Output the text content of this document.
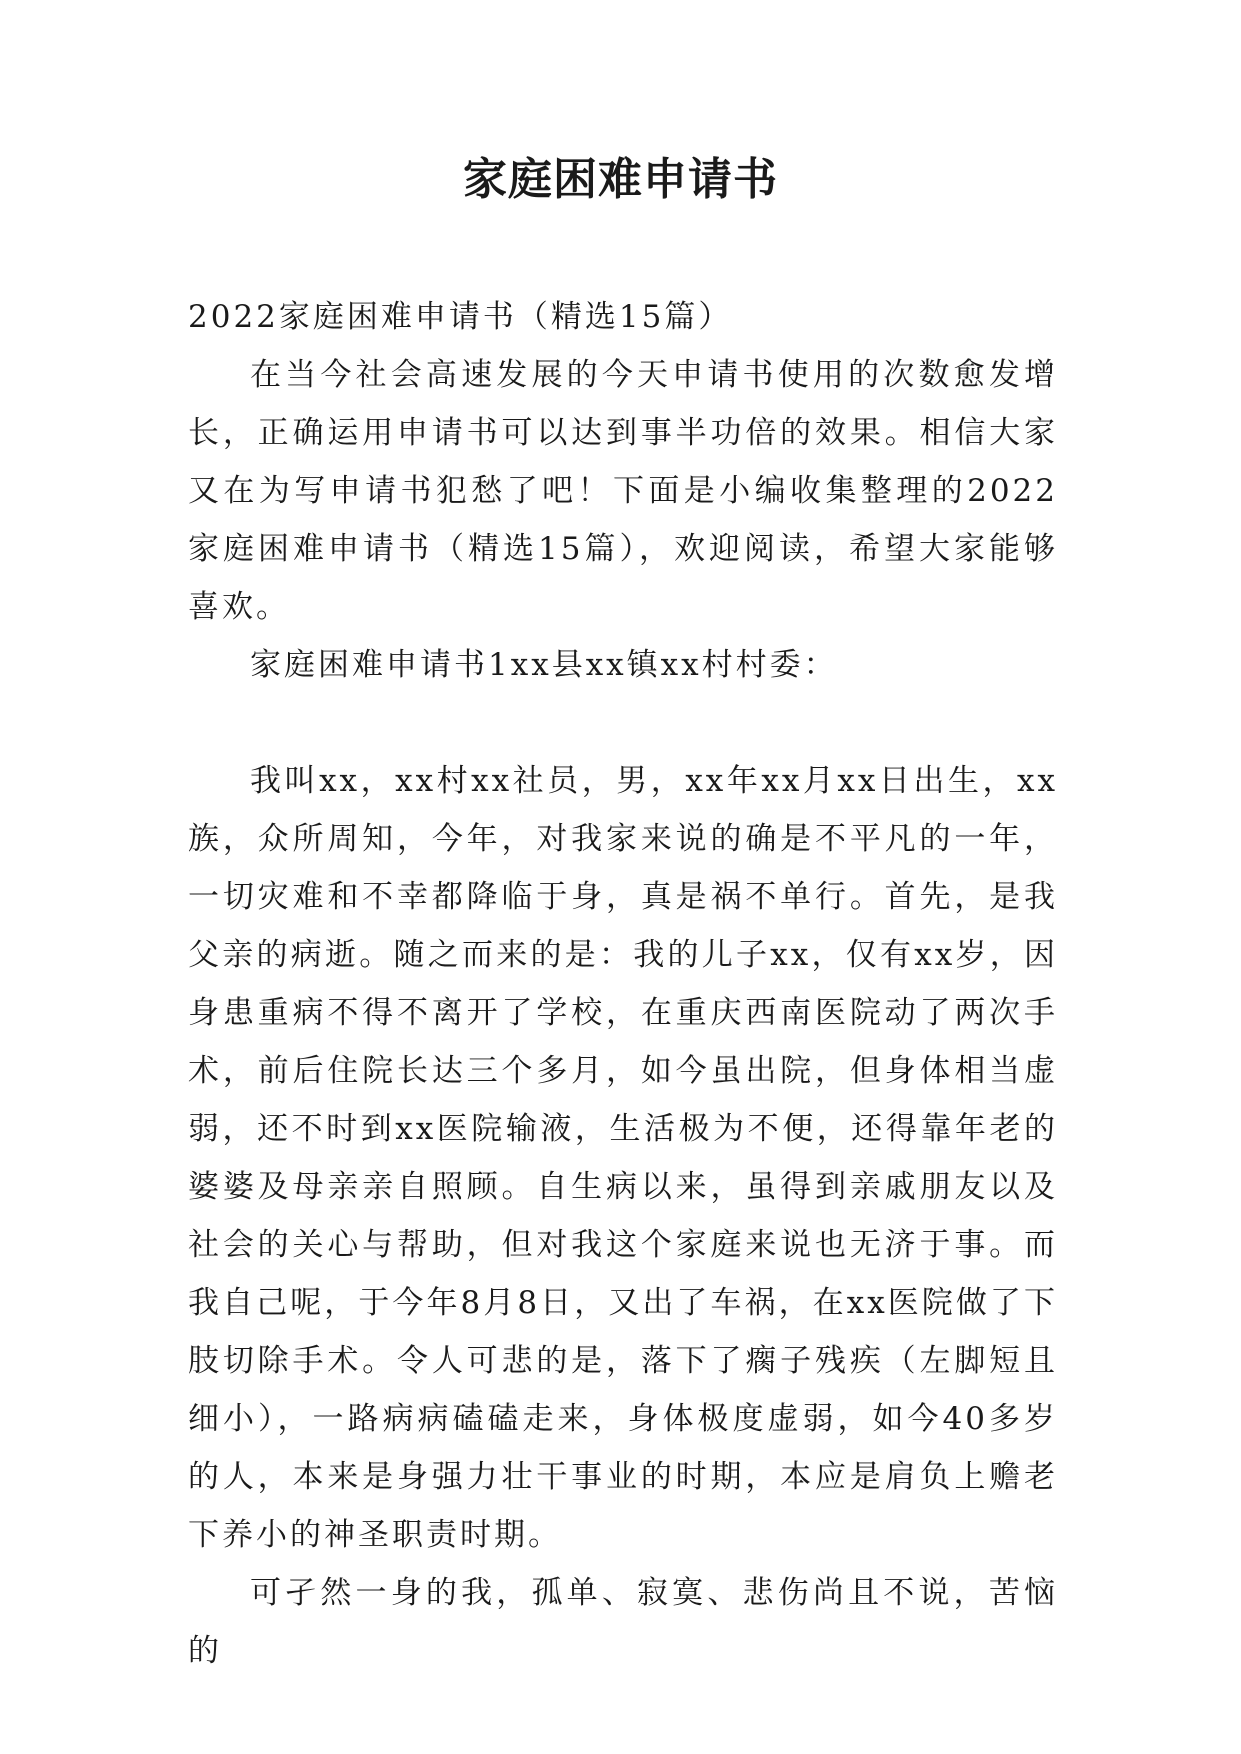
家庭困难申请书

2022家庭困难申请书（精选15篇）

在当今社会高速发展的今天申请书使用的次数愈发增长，正确运用申请书可以达到事半功倍的效果。相信大家又在为写申请书犯愁了吧！下面是小编收集整理的2022家庭困难申请书（精选15篇），欢迎阅读，希望大家能够喜欢。

家庭困难申请书1xx县xx镇xx村村委：

我叫xx，xx村xx社员，男，xx年xx月xx日出生，xx族，众所周知，今年，对我家来说的确是不平凡的一年，一切灾难和不幸都降临于身，真是祸不单行。首先，是我父亲的病逝。随之而来的是：我的儿子xx，仅有xx岁，因身患重病不得不离开了学校，在重庆西南医院动了两次手术，前后住院长达三个多月，如今虽出院，但身体相当虚弱，还不时到xx医院输液，生活极为不便，还得靠年老的婆婆及母亲亲自照顾。自生病以来，虽得到亲戚朋友以及社会的关心与帮助，但对我这个家庭来说也无济于事。而我自己呢，于今年8月8日，又出了车祸，在xx医院做了下肢切除手术。令人可悲的是，落下了瘸子残疾（左脚短且细小），一路病病磕磕走来，身体极度虚弱，如今40多岁的人，本来是身强力壮干事业的时期，本应是肩负上赡老下养小的神圣职责时期。

可孑然一身的我，孤单、寂寞、悲伤尚且不说，苦恼的
